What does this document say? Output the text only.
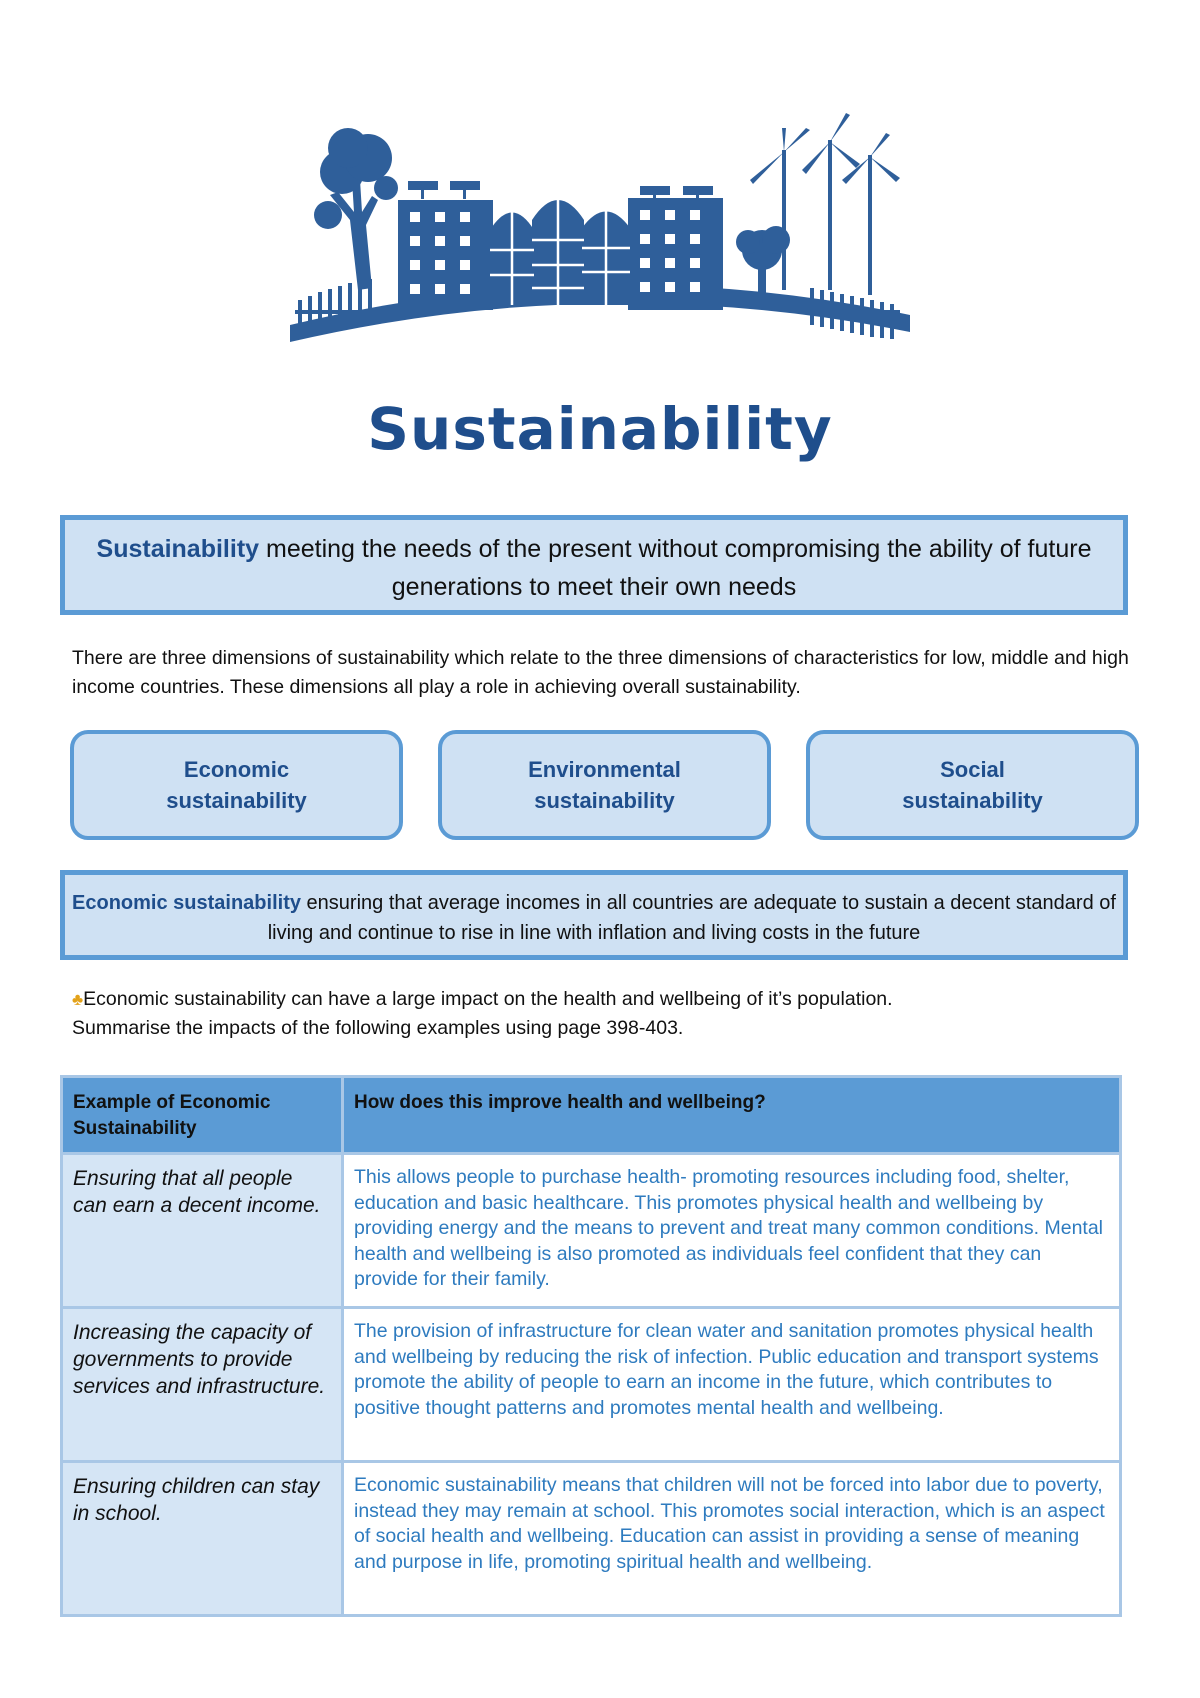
Sustainability
Sustainability meeting the needs of the present without compromising the ability of future generations to meet their own needs
There are three dimensions of sustainability which relate to the three dimensions of characteristics for low, middle and high income countries. These dimensions all play a role in achieving overall sustainability.
Economic
sustainability
Environmental
sustainability
Social
sustainability
Economic sustainability ensuring that average incomes in all countries are adequate to sustain a decent standard of living and continue to rise in line with inflation and living costs in the future
♣Economic sustainability can have a large impact on the health and wellbeing of it’s population.
Summarise the impacts of the following examples using page 398-403.
Example of Economic Sustainability	How does this improve health and wellbeing?
Ensuring that all people can earn a decent income.	This allows people to purchase health- promoting resources including food, shelter, education and basic healthcare. This promotes physical health and wellbeing by providing energy and the means to prevent and treat many common conditions. Mental health and wellbeing is also promoted as individuals feel confident that they can provide for their family.
Increasing the capacity of governments to provide services and infrastructure.	The provision of infrastructure for clean water and sanitation promotes physical health and wellbeing by reducing the risk of infection. Public education and transport systems promote the ability of people to earn an income in the future, which contributes to positive thought patterns and promotes mental health and wellbeing.
Ensuring children can stay in school.	Economic sustainability means that children will not be forced into labor due to poverty, instead they may remain at school. This promotes social interaction, which is an aspect of social health and wellbeing. Education can assist in providing a sense of meaning and purpose in life, promoting spiritual health and wellbeing.
